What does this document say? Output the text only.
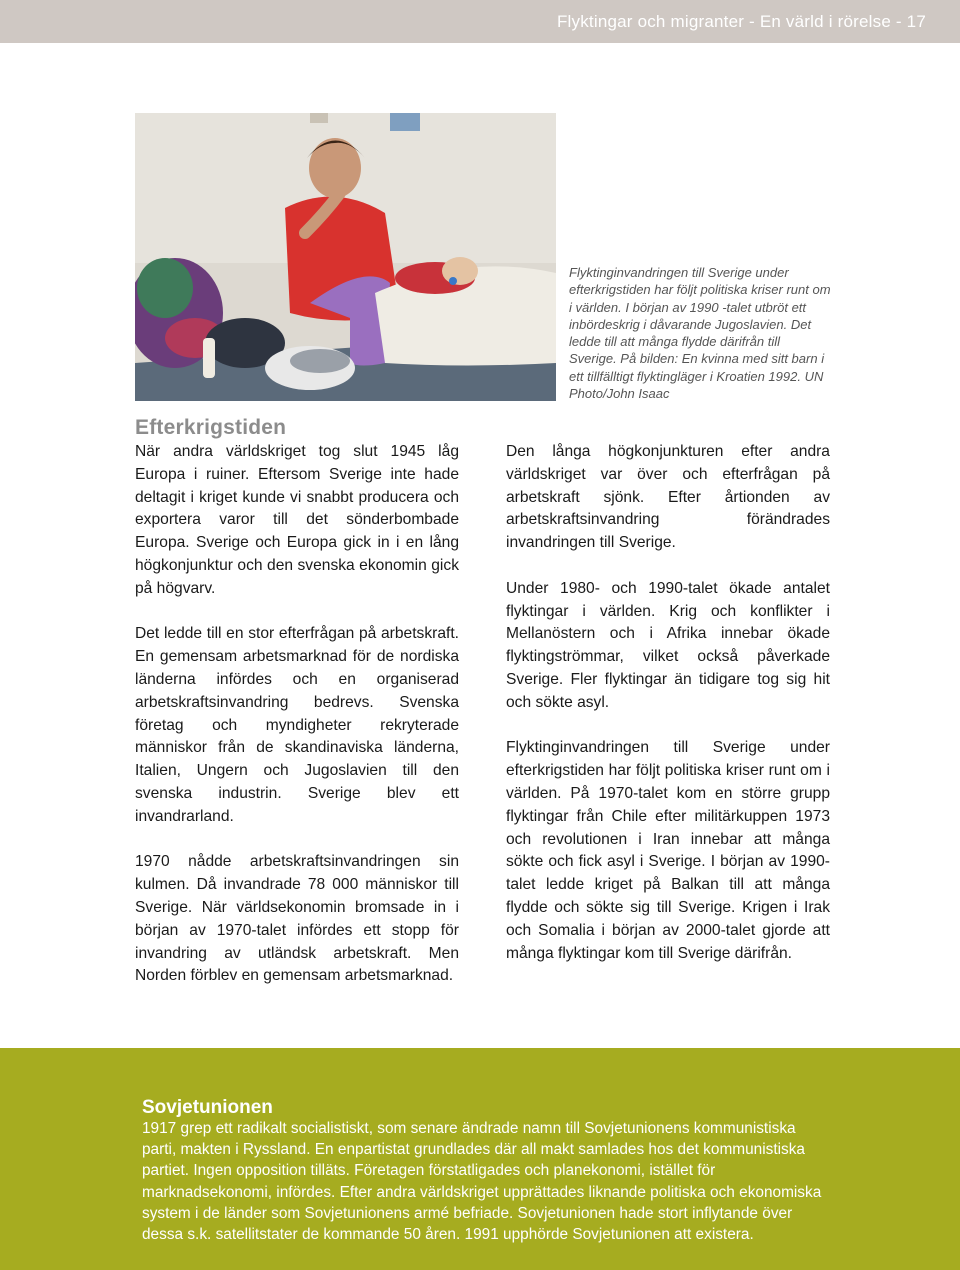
Flyktingar och migranter - En värld i rörelse - 17

Flyktinginvandringen till Sverige under efterkrigstiden har följt politiska kriser runt om i världen. I början av 1990 -talet utbröt ett inbördeskrig i dåvarande Jugoslavien. Det ledde till att många flydde därifrån till Sverige. På bilden: En kvinna med sitt barn i ett tillfälltigt flyktingläger i Kroatien 1992. UN Photo/John Isaac

Efterkrigstiden

När andra världskriget tog slut 1945 låg Europa i ruiner. Eftersom Sverige inte hade deltagit i kriget kunde vi snabbt producera och exportera varor till det sönderbombade Europa. Sverige och Europa gick in i en lång högkonjunktur och den svenska ekonomin gick på högvarv.

Det ledde till en stor efterfrågan på arbetskraft. En gemensam arbetsmarknad för de nordiska länderna infördes och en organiserad arbetskraftsinvandring bedrevs. Svenska företag och myndigheter rekryterade människor från de skandinaviska länderna, Italien, Ungern och Jugoslavien till den svenska industrin. Sverige blev ett invandrarland.

1970 nådde arbetskraftsinvandringen sin kulmen. Då invandrade 78 000 människor till Sverige. När världsekonomin bromsade in i början av 1970-talet infördes ett stopp för invandring av utländsk arbetskraft. Men Norden förblev en gemensam arbetsmarknad.

Den långa högkonjunkturen efter andra världskriget var över och efterfrågan på arbetskraft sjönk. Efter årtionden av arbetskraftsinvandring förändrades invandringen till Sverige.

Under 1980- och 1990-talet ökade antalet flyktingar i världen. Krig och konflikter i Mellanöstern och i Afrika innebar ökade flyktingströmmar, vilket också påverkade Sverige. Fler flyktingar än tidigare tog sig hit och sökte asyl.

Flyktinginvandringen till Sverige under efterkrigstiden har följt politiska kriser runt om i världen. På 1970-talet kom en större grupp flyktingar från Chile efter militärkuppen 1973 och revolutionen i Iran innebar att många sökte och fick asyl i Sverige. I början av 1990-talet ledde kriget på Balkan till att många flydde och sökte sig till Sverige. Krigen i Irak och Somalia i början av 2000-talet gjorde att många flyktingar kom till Sverige därifrån.

Sovjetunionen

1917 grep ett radikalt socialistiskt, som senare ändrade namn till Sovjetunionens kommunistiska parti, makten i Ryssland. En enpartistat grundlades där all makt samlades hos det kommunistiska partiet. Ingen opposition tilläts. Företagen förstatligades och planekonomi, istället för marknadsekonomi, infördes. Efter andra världskriget upprättades liknande politiska och ekonomiska system i de länder som Sovjetunionens armé befriade. Sovjetunionen hade stort inflytande över dessa s.k. satellitstater de kommande 50 åren. 1991 upphörde Sovjetunionen att existera.
